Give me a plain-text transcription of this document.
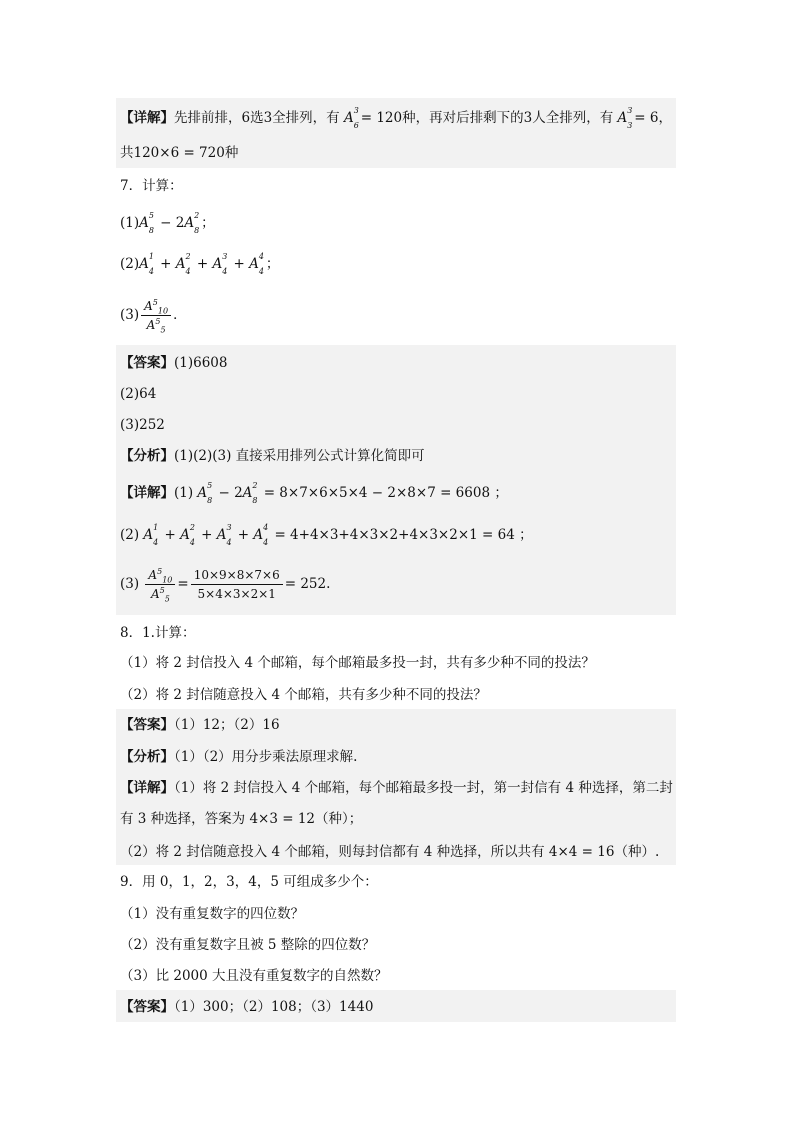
【详解】先排前排，6选3全排列，有 A 3
6 = 120种，再对后排剩下的3人全排列，有 A 3
3 = 6，
共120×6 = 720种
7．计算：
(1)A 5
8 − 2A 2
8 ；
(2)A 1
4 + A 2
4 + A 3
4 + A 4
4 ；
$(3) \frac{A^5_{10}}{A^5_5}$ ．
【答案】(1)6608
(2)64
(3)252
【分析】(1)(2)(3) 直接采用排列公式计算化简即可
【详解】(1) A 5
8 − 2A 2
8 = 8×7×6×5×4 − 2×8×7 = 6608 ；
(2) A 1
4 + A 2
4 + A 3
4 + A 4
4 = 4+4×3+4×3×2+4×3×2×1 = 64 ；
$(3) \frac{A^5_{10}}{A^5_5} = \frac{10\times 9\times 8\times 7\times 6}{5\times 4\times 3\times 2\times 1} = 252$.
8．1.计算：
（1）将 2 封信投入 4 个邮箱，每个邮箱最多投一封，共有多少种不同的投法？
（2）将 2 封信随意投入 4 个邮箱，共有多少种不同的投法？
【答案】（1）12；（2）16
【分析】（1）（2）用分步乘法原理求解.
【详解】（1）将 2 封信投入 4 个邮箱，每个邮箱最多投一封，第一封信有 4 种选择，第二封
有 3 种选择，答案为 4×3 = 12（种）；
（2）将 2 封信随意投入 4 个邮箱，则每封信都有 4 种选择，所以共有 4×4 = 16（种）.
9．用 0，1，2，3，4，5 可组成多少个：
（1）没有重复数字的四位数？
（2）没有重复数字且被 5 整除的四位数？
（3）比 2000 大且没有重复数字的自然数？
【答案】（1）300；（2）108；（3）1440
